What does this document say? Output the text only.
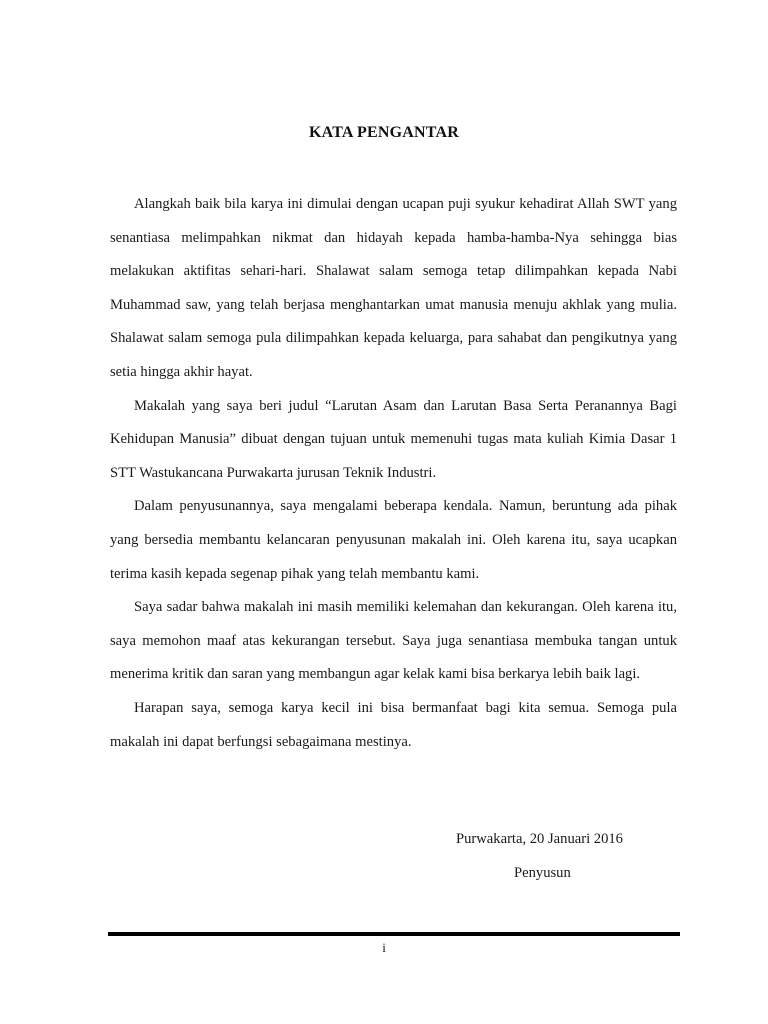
KATA PENGANTAR

Alangkah baik bila karya ini dimulai dengan ucapan puji syukur kehadirat Allah SWT yang senantiasa melimpahkan nikmat dan hidayah kepada hamba-hamba-Nya sehingga bias melakukan aktifitas sehari-hari. Shalawat salam semoga tetap dilimpahkan kepada Nabi Muhammad saw, yang telah berjasa menghantarkan umat manusia menuju akhlak yang mulia. Shalawat salam semoga pula dilimpahkan kepada keluarga, para sahabat dan pengikutnya yang setia hingga akhir hayat.

Makalah yang saya beri judul “Larutan Asam dan Larutan Basa Serta Peranannya Bagi Kehidupan Manusia” dibuat dengan tujuan untuk memenuhi tugas mata kuliah Kimia Dasar 1 STT Wastukancana Purwakarta jurusan Teknik Industri.

Dalam penyusunannya, saya mengalami beberapa kendala. Namun, beruntung ada pihak yang bersedia membantu kelancaran penyusunan makalah ini. Oleh karena itu, saya ucapkan terima kasih kepada segenap pihak yang telah membantu kami.

Saya sadar bahwa makalah ini masih memiliki kelemahan dan kekurangan. Oleh karena itu, saya memohon maaf atas kekurangan tersebut. Saya juga senantiasa membuka tangan untuk menerima kritik dan saran yang membangun agar kelak kami bisa berkarya lebih baik lagi.

Harapan saya, semoga karya kecil ini bisa bermanfaat bagi kita semua. Semoga pula makalah ini dapat berfungsi sebagaimana mestinya.

Purwakarta, 20 Januari 2016

Penyusun

i
